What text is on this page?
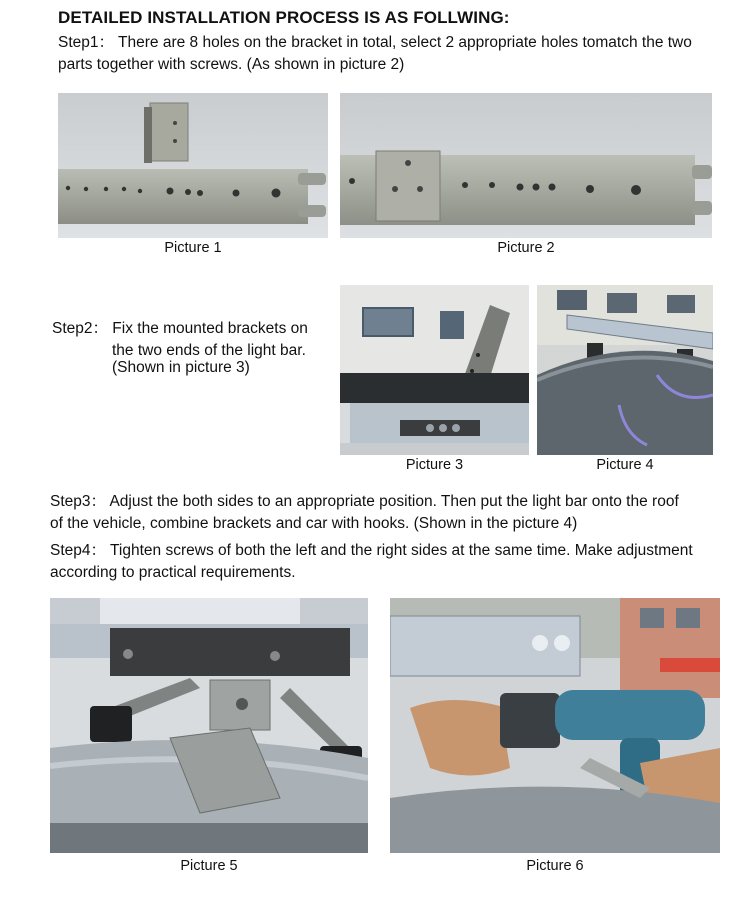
DETAILED INSTALLATION PROCESS IS AS FOLLWING:
Step1： There are 8 holes on the bracket in total, select 2 appropriate holes tomatch the two
parts together with screws. (As shown in picture 2)
Picture 1	Picture 2
Step2： Fix the mounted brackets on
the two ends of the light bar.
(Shown in picture 3)
Picture 3	Picture 4
Step3： Adjust the both sides to an appropriate position. Then put the light bar onto the roof
of the vehicle, combine brackets and car with hooks. (Shown in the picture 4)
Step4： Tighten screws of both the left and the right sides at the same time. Make adjustment
according to practical requirements.
Picture 5	Picture 6
